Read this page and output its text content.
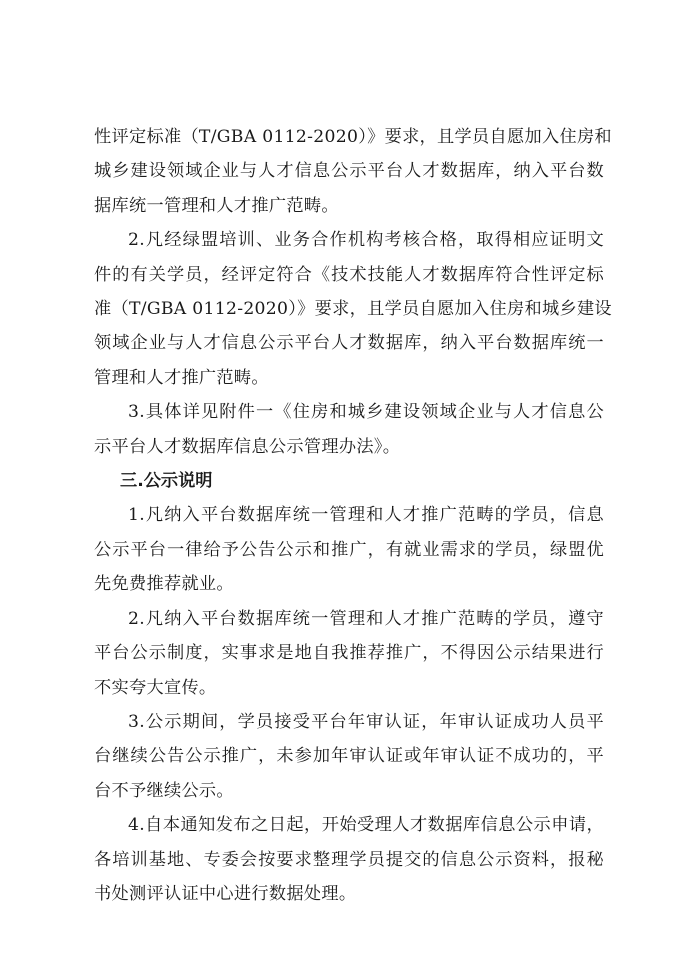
性评定标准（T/GBA 0112-2020）》要求，且学员自愿加入住房和
城乡建设领域企业与人才信息公示平台人才数据库，纳入平台数
据库统一管理和人才推广范畴。

2.凡经绿盟培训、业务合作机构考核合格，取得相应证明文
件的有关学员，经评定符合《技术技能人才数据库符合性评定标
准（T/GBA 0112-2020）》要求，且学员自愿加入住房和城乡建设
领域企业与人才信息公示平台人才数据库，纳入平台数据库统一
管理和人才推广范畴。

3.具体详见附件一《住房和城乡建设领域企业与人才信息公
示平台人才数据库信息公示管理办法》。

三.公示说明

1.凡纳入平台数据库统一管理和人才推广范畴的学员，信息
公示平台一律给予公告公示和推广，有就业需求的学员，绿盟优
先免费推荐就业。

2.凡纳入平台数据库统一管理和人才推广范畴的学员，遵守
平台公示制度，实事求是地自我推荐推广，不得因公示结果进行
不实夸大宣传。

3.公示期间，学员接受平台年审认证，年审认证成功人员平
台继续公告公示推广，未参加年审认证或年审认证不成功的，平
台不予继续公示。

4.自本通知发布之日起，开始受理人才数据库信息公示申请，
各培训基地、专委会按要求整理学员提交的信息公示资料，报秘
书处测评认证中心进行数据处理。
